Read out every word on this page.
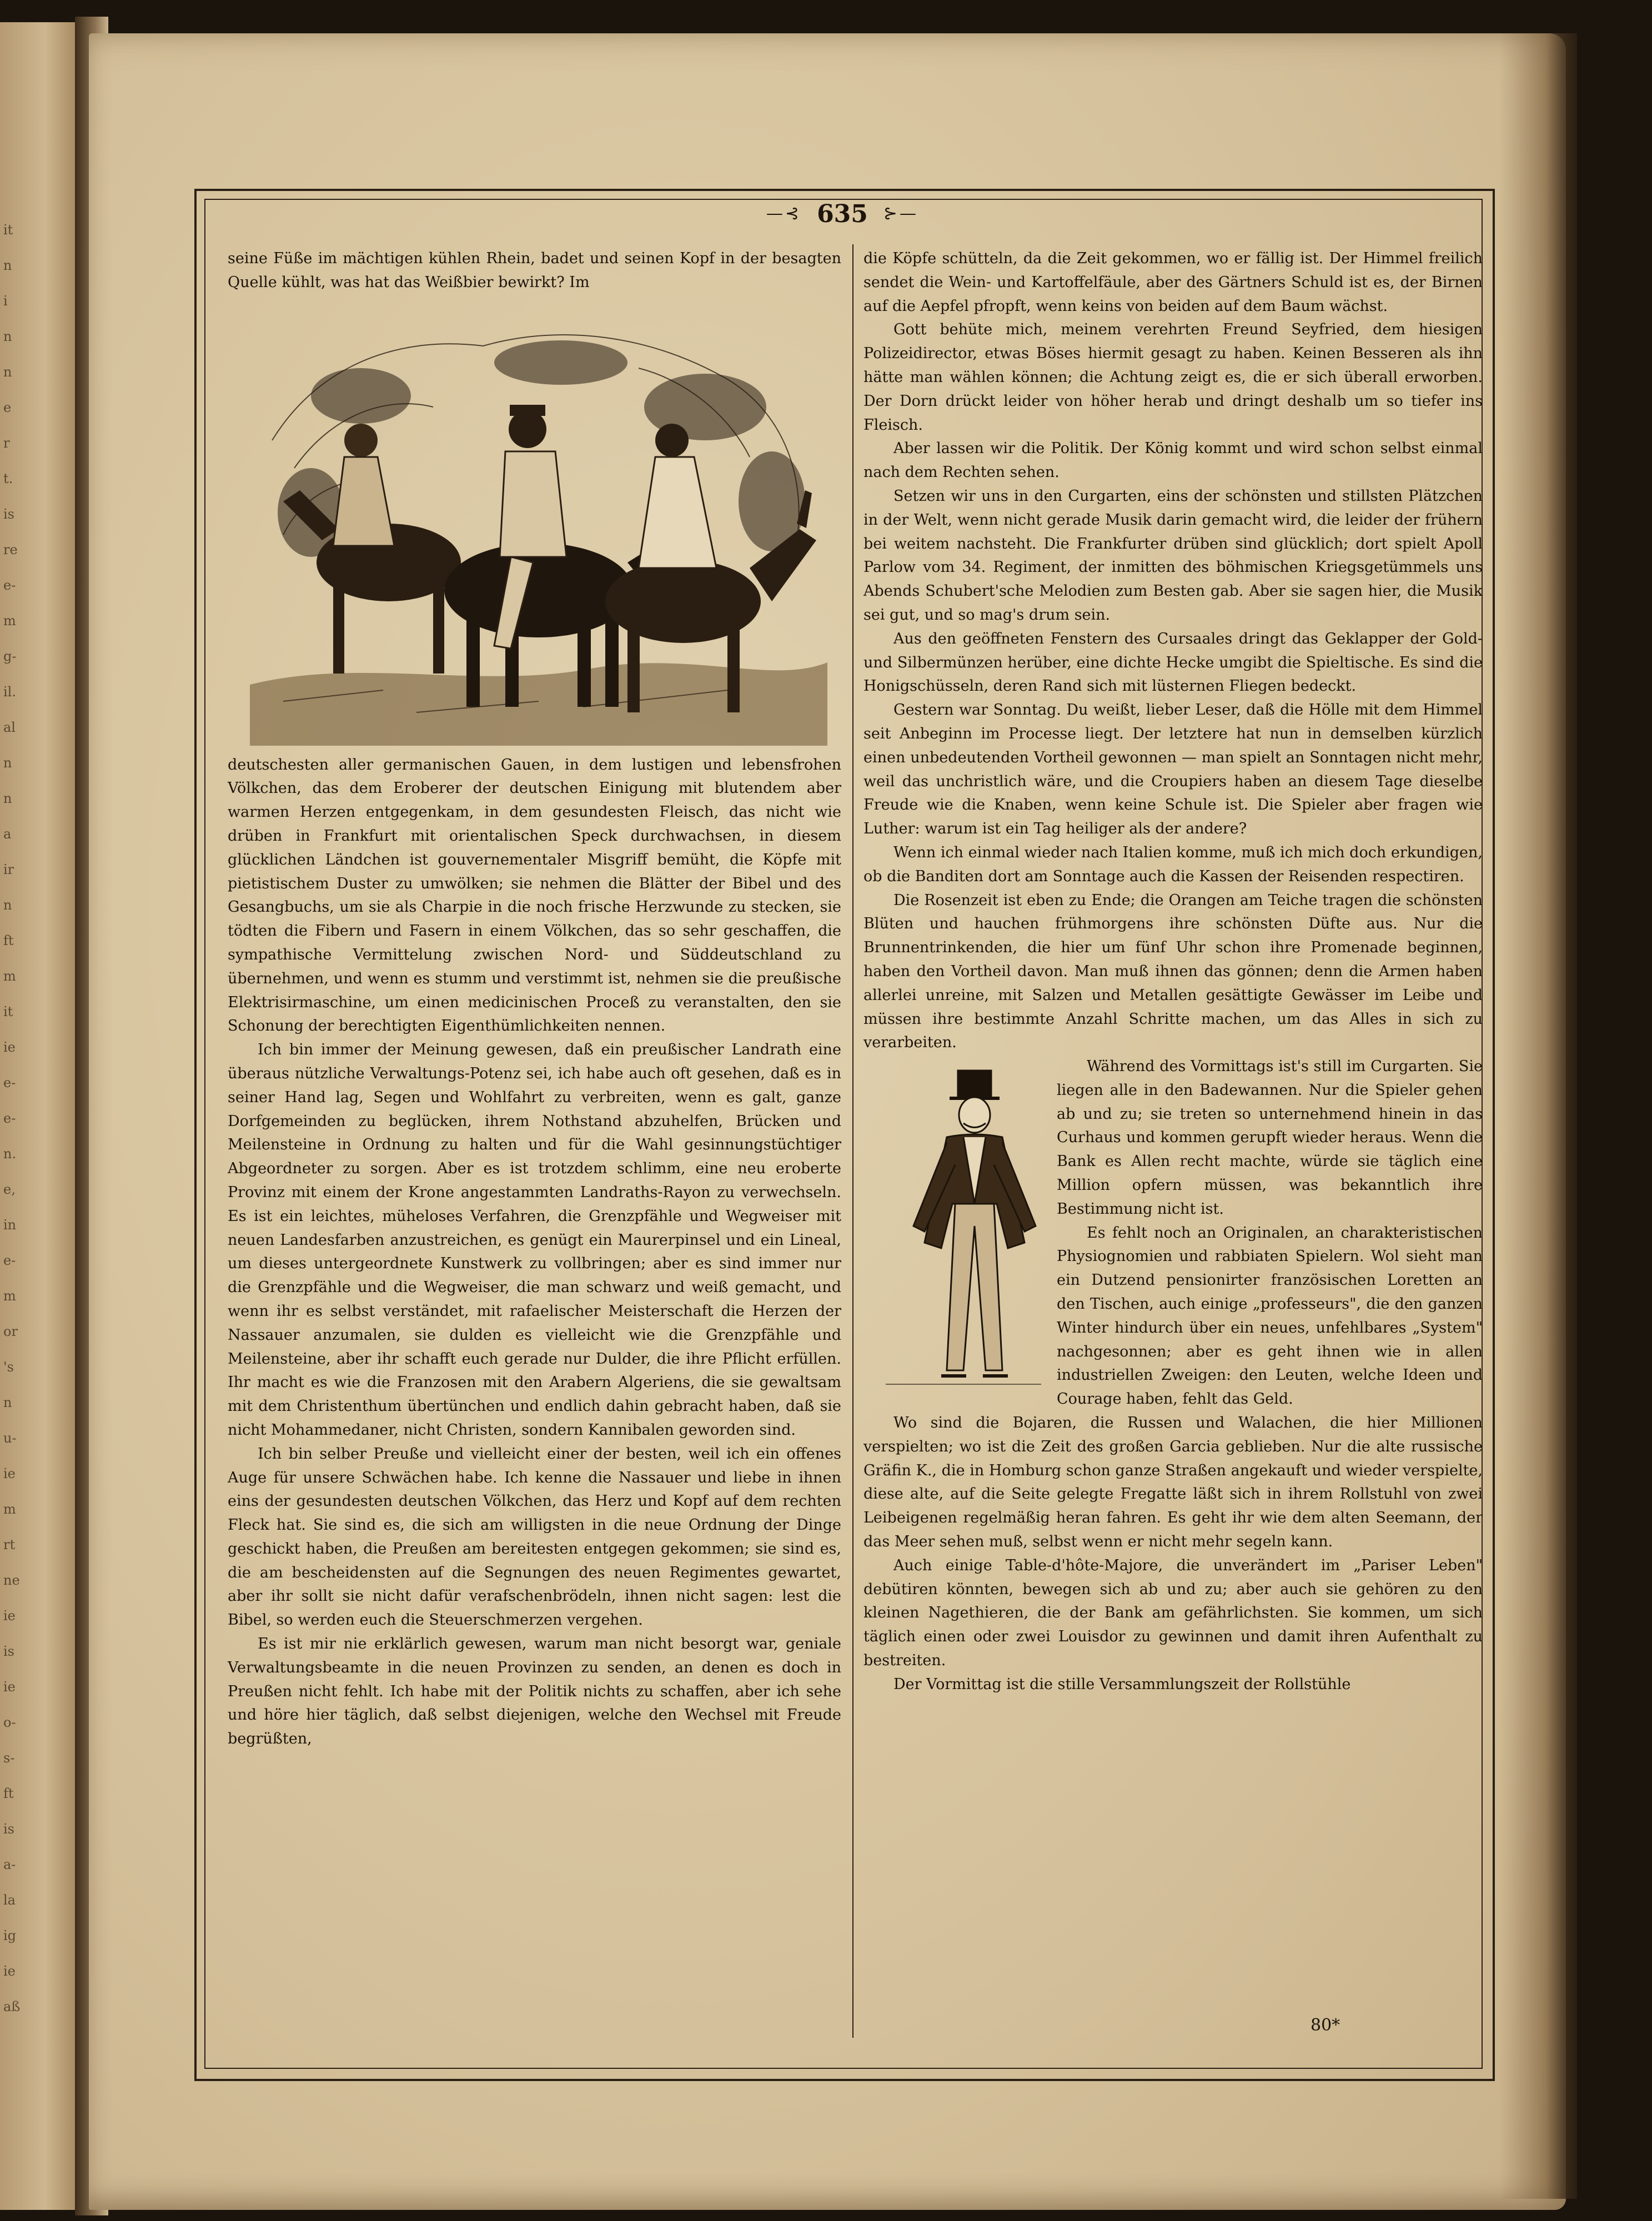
it
n
i
n
n
e
r
t.
is
re
e-
m
g-
il.
al
n
n
a
ir
n
ft
m
it
ie
e-
e-
n.
e,
in
e-
m
or
's
n
u-
ie
m
rt
ne
ie
is
ie
o-
s-
ft
is
a-
la
ig
ie
aß
—⊰ 635 ⊱—

seine Füße im mächtigen kühlen Rhein, badet und seinen Kopf in der besagten Quelle kühlt, was hat das Weißbier bewirkt? Im

deutschesten aller germanischen Gauen, in dem lustigen und lebensfrohen Völkchen, das dem Eroberer der deutschen Einigung mit blutendem aber warmen Herzen entgegenkam, in dem gesundesten Fleisch, das nicht wie drüben in Frankfurt mit orientalischen Speck durchwachsen, in diesem glücklichen Ländchen ist gouvernementaler Misgriff bemüht, die Köpfe mit pietistischem Duster zu umwölken; sie nehmen die Blätter der Bibel und des Gesangbuchs, um sie als Charpie in die noch frische Herzwunde zu stecken, sie tödten die Fibern und Fasern in einem Völkchen, das so sehr geschaffen, die sympathische Vermittelung zwischen Nord- und Süddeutschland zu übernehmen, und wenn es stumm und verstimmt ist, nehmen sie die preußische Elektrisirmaschine, um einen medicinischen Proceß zu veranstalten, den sie Schonung der berechtigten Eigenthümlichkeiten nennen.

Ich bin immer der Meinung gewesen, daß ein preußischer Landrath eine überaus nützliche Verwaltungs-Potenz sei, ich habe auch oft gesehen, daß es in seiner Hand lag, Segen und Wohlfahrt zu verbreiten, wenn es galt, ganze Dorfgemeinden zu beglücken, ihrem Nothstand abzuhelfen, Brücken und Meilensteine in Ordnung zu halten und für die Wahl gesinnungstüchtiger Abgeordneter zu sorgen. Aber es ist trotzdem schlimm, eine neu eroberte Provinz mit einem der Krone angestammten Landraths-Rayon zu verwechseln. Es ist ein leichtes, müheloses Verfahren, die Grenzpfähle und Wegweiser mit neuen Landesfarben anzustreichen, es genügt ein Maurerpinsel und ein Lineal, um dieses untergeordnete Kunstwerk zu vollbringen; aber es sind immer nur die Grenzpfähle und die Wegweiser, die man schwarz und weiß gemacht, und wenn ihr es selbst verständet, mit rafaelischer Meisterschaft die Herzen der Nassauer anzumalen, sie dulden es vielleicht wie die Grenzpfähle und Meilensteine, aber ihr schafft euch gerade nur Dulder, die ihre Pflicht erfüllen. Ihr macht es wie die Franzosen mit den Arabern Algeriens, die sie gewaltsam mit dem Christenthum übertünchen und endlich dahin gebracht haben, daß sie nicht Mohammedaner, nicht Christen, sondern Kannibalen geworden sind.

Ich bin selber Preuße und vielleicht einer der besten, weil ich ein offenes Auge für unsere Schwächen habe. Ich kenne die Nassauer und liebe in ihnen eins der gesundesten deutschen Völkchen, das Herz und Kopf auf dem rechten Fleck hat. Sie sind es, die sich am willigsten in die neue Ordnung der Dinge geschickt haben, die Preußen am bereitesten entgegen gekommen; sie sind es, die am bescheidensten auf die Segnungen des neuen Regimentes gewartet, aber ihr sollt sie nicht dafür verafschenbrödeln, ihnen nicht sagen: lest die Bibel, so werden euch die Steuerschmerzen vergehen.

Es ist mir nie erklärlich gewesen, warum man nicht besorgt war, geniale Verwaltungsbeamte in die neuen Provinzen zu senden, an denen es doch in Preußen nicht fehlt. Ich habe mit der Politik nichts zu schaffen, aber ich sehe und höre hier täglich, daß selbst diejenigen, welche den Wechsel mit Freude begrüßten,

die Köpfe schütteln, da die Zeit gekommen, wo er fällig ist. Der Himmel freilich sendet die Wein- und Kartoffelfäule, aber des Gärtners Schuld ist es, der Birnen auf die Aepfel pfropft, wenn keins von beiden auf dem Baum wächst.

Gott behüte mich, meinem verehrten Freund Seyfried, dem hiesigen Polizeidirector, etwas Böses hiermit gesagt zu haben. Keinen Besseren als ihn hätte man wählen können; die Achtung zeigt es, die er sich überall erworben. Der Dorn drückt leider von höher herab und dringt deshalb um so tiefer ins Fleisch.

Aber lassen wir die Politik. Der König kommt und wird schon selbst einmal nach dem Rechten sehen.

Setzen wir uns in den Curgarten, eins der schönsten und stillsten Plätzchen in der Welt, wenn nicht gerade Musik darin gemacht wird, die leider der frühern bei weitem nachsteht. Die Frankfurter drüben sind glücklich; dort spielt Apoll Parlow vom 34. Regiment, der inmitten des böhmischen Kriegsgetümmels uns Abends Schubert'sche Melodien zum Besten gab. Aber sie sagen hier, die Musik sei gut, und so mag's drum sein.

Aus den geöffneten Fenstern des Cursaales dringt das Geklapper der Gold- und Silbermünzen herüber, eine dichte Hecke umgibt die Spieltische. Es sind die Honigschüsseln, deren Rand sich mit lüsternen Fliegen bedeckt.

Gestern war Sonntag. Du weißt, lieber Leser, daß die Hölle mit dem Himmel seit Anbeginn im Processe liegt. Der letztere hat nun in demselben kürzlich einen unbedeutenden Vortheil gewonnen — man spielt an Sonntagen nicht mehr, weil das unchristlich wäre, und die Croupiers haben an diesem Tage dieselbe Freude wie die Knaben, wenn keine Schule ist. Die Spieler aber fragen wie Luther: warum ist ein Tag heiliger als der andere?

Wenn ich einmal wieder nach Italien komme, muß ich mich doch erkundigen, ob die Banditen dort am Sonntage auch die Kassen der Reisenden respectiren.

Die Rosenzeit ist eben zu Ende; die Orangen am Teiche tragen die schönsten Blüten und hauchen frühmorgens ihre schönsten Düfte aus. Nur die Brunnentrinkenden, die hier um fünf Uhr schon ihre Promenade beginnen, haben den Vortheil davon. Man muß ihnen das gönnen; denn die Armen haben allerlei unreine, mit Salzen und Metallen gesättigte Gewässer im Leibe und müssen ihre bestimmte Anzahl Schritte machen, um das Alles in sich zu verarbeiten.

Während des Vormittags ist's still im Curgarten. Sie liegen alle in den Badewannen. Nur die Spieler gehen ab und zu; sie treten so unternehmend hinein in das Curhaus und kommen gerupft wieder heraus. Wenn die Bank es Allen recht machte, würde sie täglich eine Million opfern müssen, was bekanntlich ihre Bestimmung nicht ist.

Es fehlt noch an Originalen, an charakteristischen Physiognomien und rabbiaten Spielern. Wol sieht man ein Dutzend pensionirter französischen Loretten an den Tischen, auch einige „professeurs", die den ganzen Winter hindurch über ein neues, unfehlbares „System" nachgesonnen; aber es geht ihnen wie in allen industriellen Zweigen: den Leuten, welche Ideen und Courage haben, fehlt das Geld.

Wo sind die Bojaren, die Russen und Walachen, die hier Millionen verspielten; wo ist die Zeit des großen Garcia geblieben. Nur die alte russische Gräfin K., die in Homburg schon ganze Straßen angekauft und wieder verspielte, diese alte, auf die Seite gelegte Fregatte läßt sich in ihrem Rollstuhl von zwei Leibeigenen regelmäßig heran fahren. Es geht ihr wie dem alten Seemann, der das Meer sehen muß, selbst wenn er nicht mehr segeln kann.

Auch einige Table-d'hôte-Majore, die unverändert im „Pariser Leben" debütiren könnten, bewegen sich ab und zu; aber auch sie gehören zu den kleinen Nagethieren, die der Bank am gefährlichsten. Sie kommen, um sich täglich einen oder zwei Louisdor zu gewinnen und damit ihren Aufenthalt zu bestreiten.

Der Vormittag ist die stille Versammlungszeit der Rollstühle

80*
